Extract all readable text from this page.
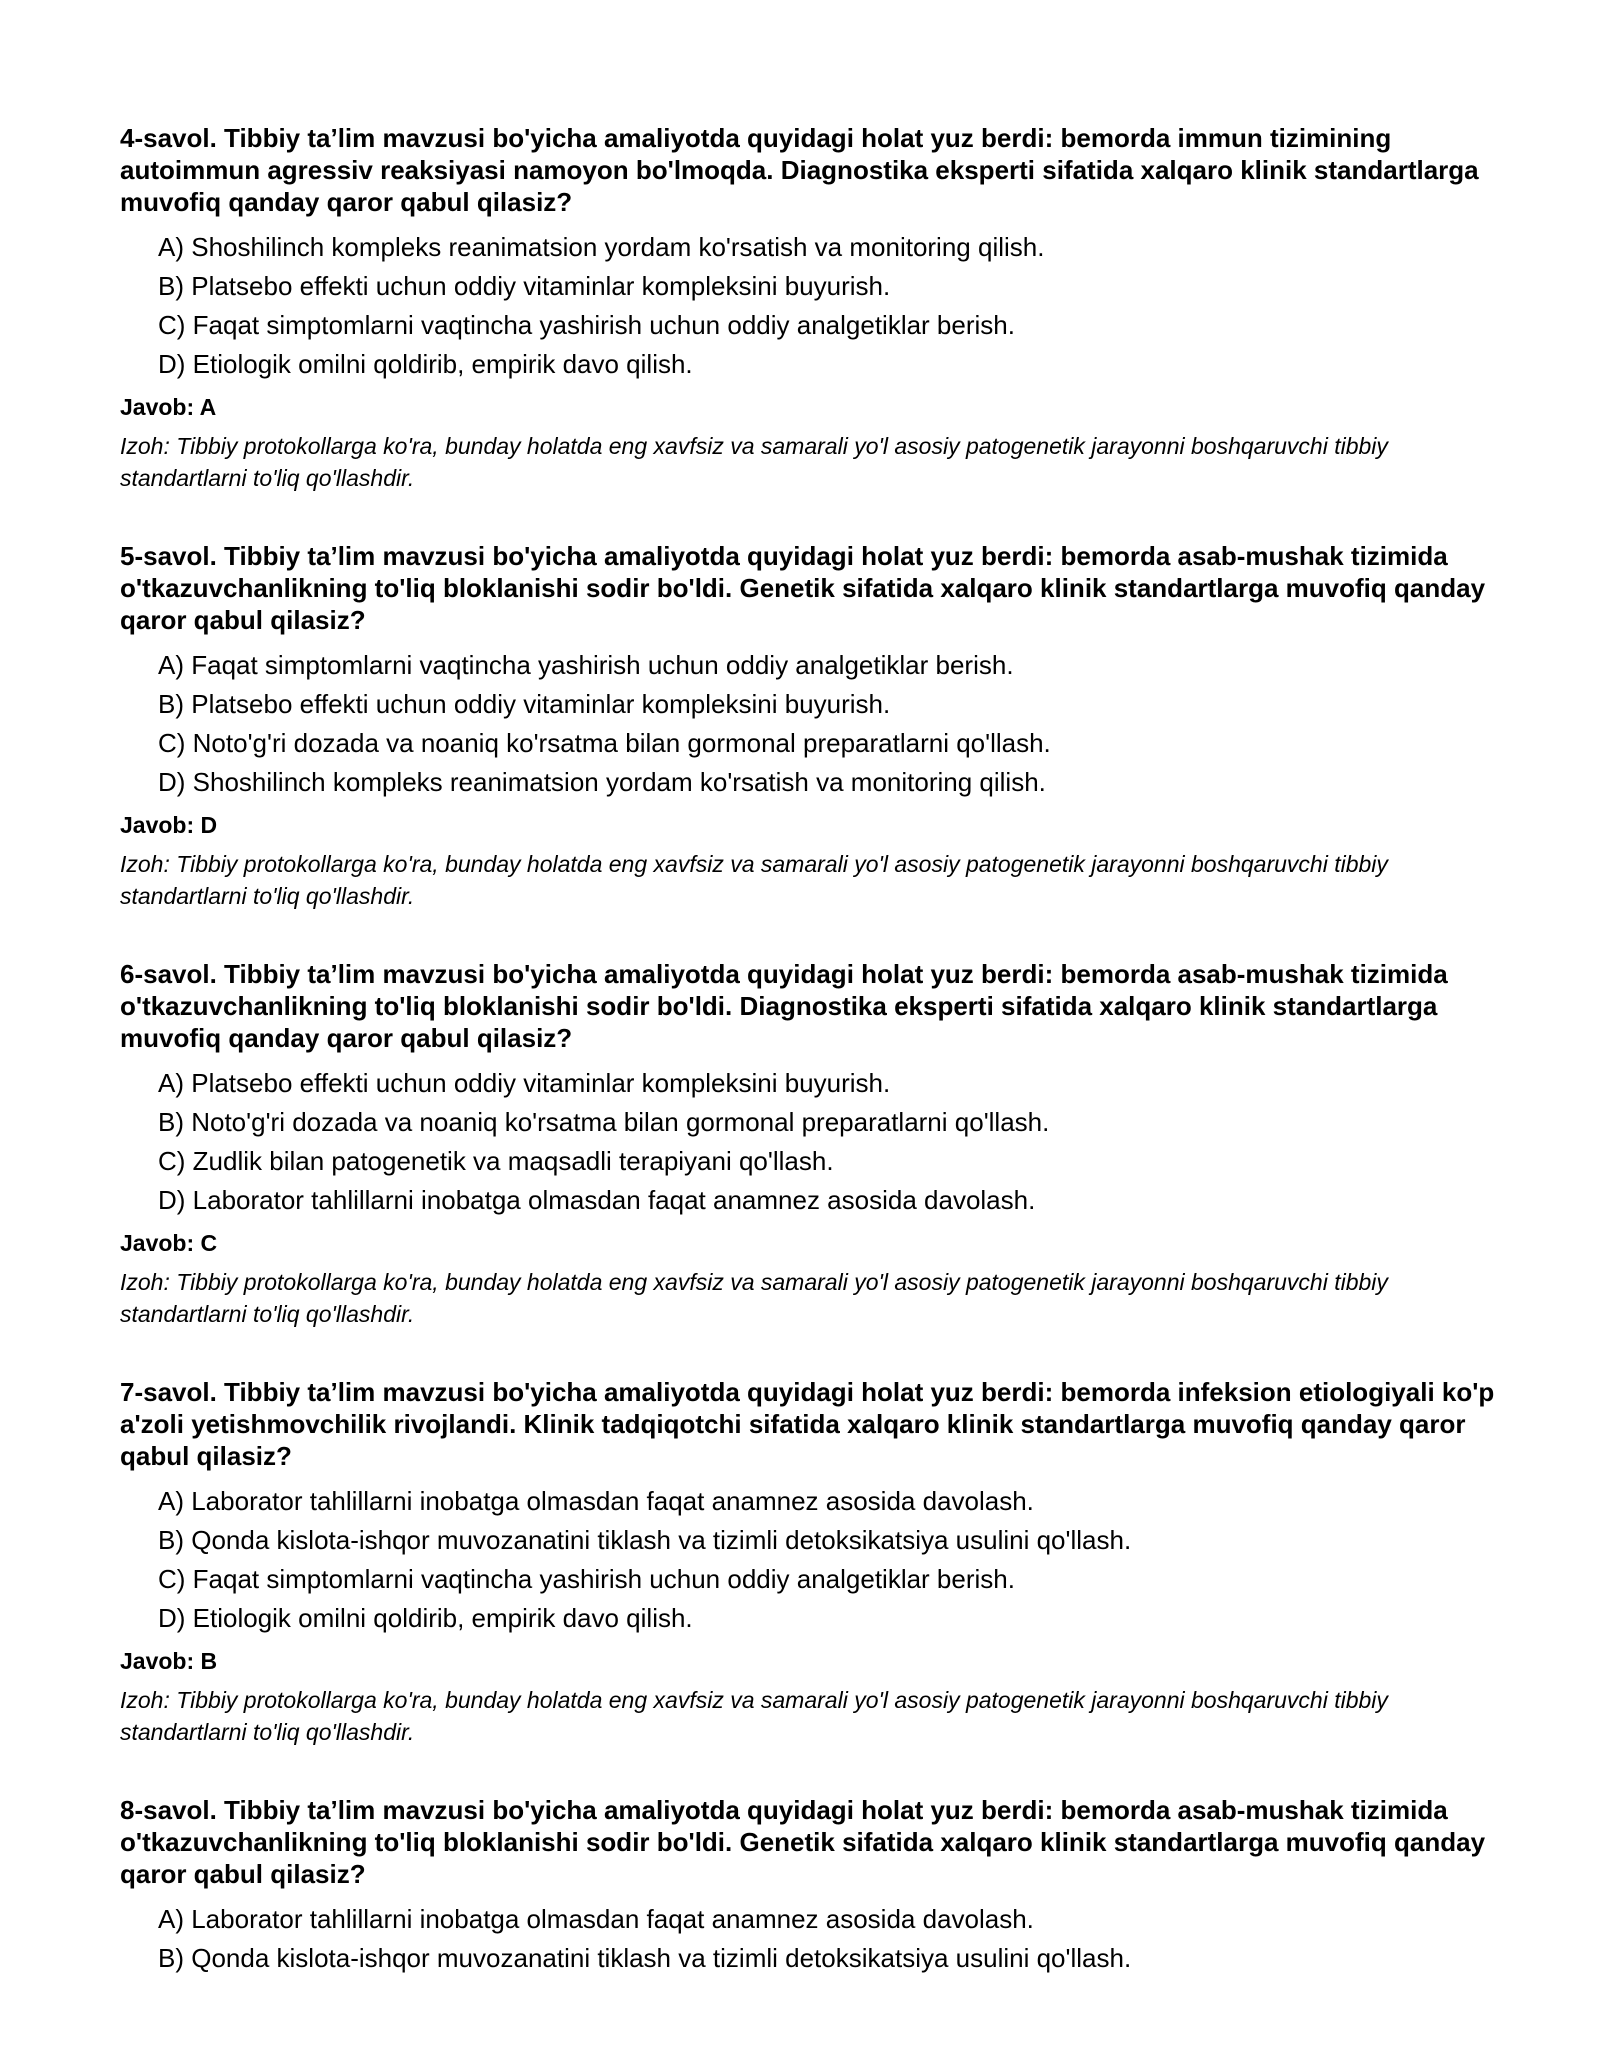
4-savol. Tibbiy ta’lim mavzusi bo'yicha amaliyotda quyidagi holat yuz berdi: bemorda immun tizimining autoimmun agressiv reaksiyasi namoyon bo'lmoqda. Diagnostika eksperti sifatida xalqaro klinik standartlarga muvofiq qanday qaror qabul qilasiz?

A) Shoshilinch kompleks reanimatsion yordam ko'rsatish va monitoring qilish.
B) Platsebo effekti uchun oddiy vitaminlar kompleksini buyurish.
C) Faqat simptomlarni vaqtincha yashirish uchun oddiy analgetiklar berish.
D) Etiologik omilni qoldirib, empirik davo qilish.

Javob: A

Izoh: Tibbiy protokollarga ko'ra, bunday holatda eng xavfsiz va samarali yo'l asosiy patogenetik jarayonni boshqaruvchi tibbiy standartlarni to'liq qo'llashdir.

5-savol. Tibbiy ta’lim mavzusi bo'yicha amaliyotda quyidagi holat yuz berdi: bemorda asab-mushak tizimida o'tkazuvchanlikning to'liq bloklanishi sodir bo'ldi. Genetik sifatida xalqaro klinik standartlarga muvofiq qanday qaror qabul qilasiz?

A) Faqat simptomlarni vaqtincha yashirish uchun oddiy analgetiklar berish.
B) Platsebo effekti uchun oddiy vitaminlar kompleksini buyurish.
C) Noto'g'ri dozada va noaniq ko'rsatma bilan gormonal preparatlarni qo'llash.
D) Shoshilinch kompleks reanimatsion yordam ko'rsatish va monitoring qilish.

Javob: D

Izoh: Tibbiy protokollarga ko'ra, bunday holatda eng xavfsiz va samarali yo'l asosiy patogenetik jarayonni boshqaruvchi tibbiy standartlarni to'liq qo'llashdir.

6-savol. Tibbiy ta’lim mavzusi bo'yicha amaliyotda quyidagi holat yuz berdi: bemorda asab-mushak tizimida o'tkazuvchanlikning to'liq bloklanishi sodir bo'ldi. Diagnostika eksperti sifatida xalqaro klinik standartlarga muvofiq qanday qaror qabul qilasiz?

A) Platsebo effekti uchun oddiy vitaminlar kompleksini buyurish.
B) Noto'g'ri dozada va noaniq ko'rsatma bilan gormonal preparatlarni qo'llash.
C) Zudlik bilan patogenetik va maqsadli terapiyani qo'llash.
D) Laborator tahlillarni inobatga olmasdan faqat anamnez asosida davolash.

Javob: C

Izoh: Tibbiy protokollarga ko'ra, bunday holatda eng xavfsiz va samarali yo'l asosiy patogenetik jarayonni boshqaruvchi tibbiy standartlarni to'liq qo'llashdir.

7-savol. Tibbiy ta’lim mavzusi bo'yicha amaliyotda quyidagi holat yuz berdi: bemorda infeksion etiologiyali ko'p a'zoli yetishmovchilik rivojlandi. Klinik tadqiqotchi sifatida xalqaro klinik standartlarga muvofiq qanday qaror qabul qilasiz?

A) Laborator tahlillarni inobatga olmasdan faqat anamnez asosida davolash.
B) Qonda kislota-ishqor muvozanatini tiklash va tizimli detoksikatsiya usulini qo'llash.
C) Faqat simptomlarni vaqtincha yashirish uchun oddiy analgetiklar berish.
D) Etiologik omilni qoldirib, empirik davo qilish.

Javob: B

Izoh: Tibbiy protokollarga ko'ra, bunday holatda eng xavfsiz va samarali yo'l asosiy patogenetik jarayonni boshqaruvchi tibbiy standartlarni to'liq qo'llashdir.

8-savol. Tibbiy ta’lim mavzusi bo'yicha amaliyotda quyidagi holat yuz berdi: bemorda asab-mushak tizimida o'tkazuvchanlikning to'liq bloklanishi sodir bo'ldi. Genetik sifatida xalqaro klinik standartlarga muvofiq qanday qaror qabul qilasiz?

A) Laborator tahlillarni inobatga olmasdan faqat anamnez asosida davolash.
B) Qonda kislota-ishqor muvozanatini tiklash va tizimli detoksikatsiya usulini qo'llash.
